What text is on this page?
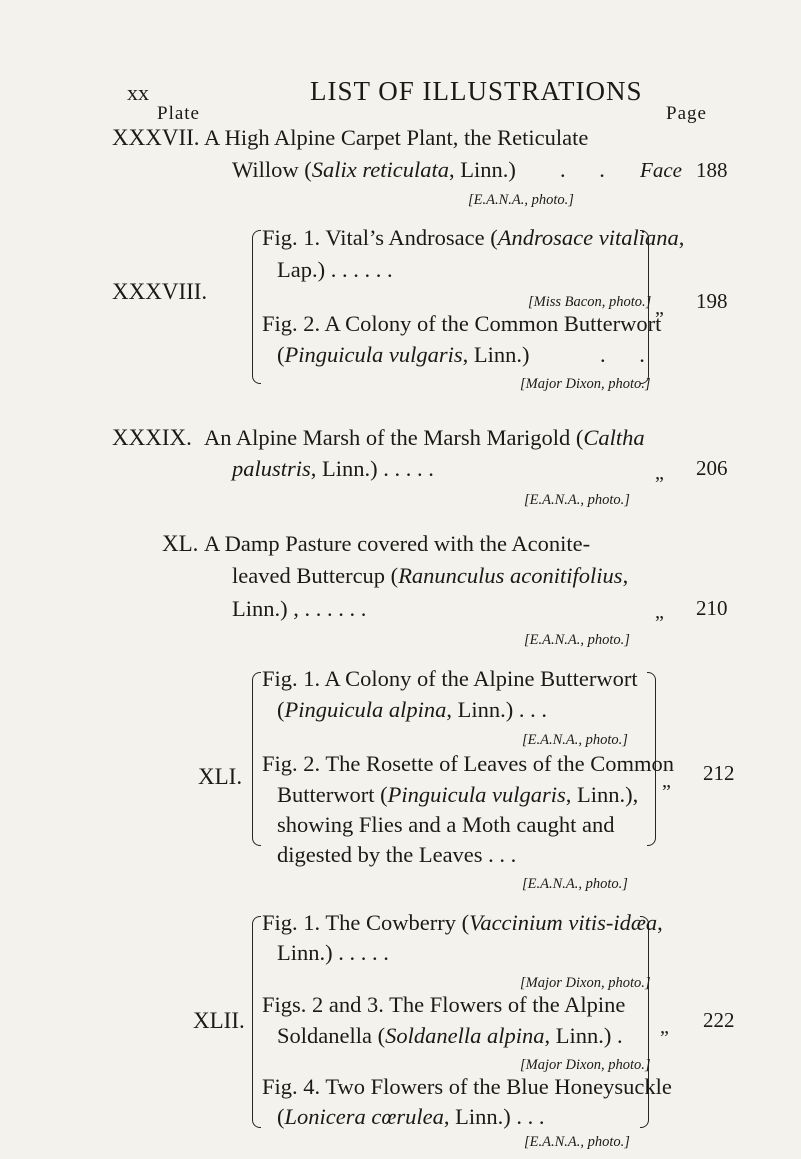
xx	LIST OF ILLUSTRATIONS
Plate	Page
XXXVII. A High Alpine Carpet Plant, the Reticulate
Willow (Salix reticulata, Linn.) . .
[E.A.N.A., photo.]
Face 188
XXXVIII.
Fig. 1. Vital’s Androsace (Androsace vitaliana,
Lap.) . . . . . .
[Miss Bacon, photo.]
Fig. 2. A Colony of the Common Butterwort
(Pinguicula vulgaris, Linn.)	. .
[Major Dixon, photo.]
„ 198
XXXIX. An Alpine Marsh of the Marsh Marigold (Caltha
palustris, Linn.) . . . . .
[E.A.N.A., photo.]
„ 206
XL. A Damp Pasture covered with the Aconite-
leaved Buttercup (Ranunculus aconitifolius,
Linn.) , . . . . . .
[E.A.N.A., photo.]
„ 210
XLI.
Fig. 1. A Colony of the Alpine Butterwort
(Pinguicula alpina, Linn.) . . .
[E.A.N.A., photo.]
Fig. 2. The Rosette of Leaves of the Common
Butterwort (Pinguicula vulgaris, Linn.),
showing Flies and a Moth caught and
digested by the Leaves . . .
[E.A.N.A., photo.]
„ 212
XLII.
Fig. 1. The Cowberry (Vaccinium vitis-idæa,
Linn.) . . . . .
[Major Dixon, photo.]
Figs. 2 and 3. The Flowers of the Alpine
Soldanella (Soldanella alpina, Linn.) .
[Major Dixon, photo.]
Fig. 4. Two Flowers of the Blue Honeysuckle
(Lonicera cœrulea, Linn.) . . .
[E.A.N.A., photo.]
„ 222
